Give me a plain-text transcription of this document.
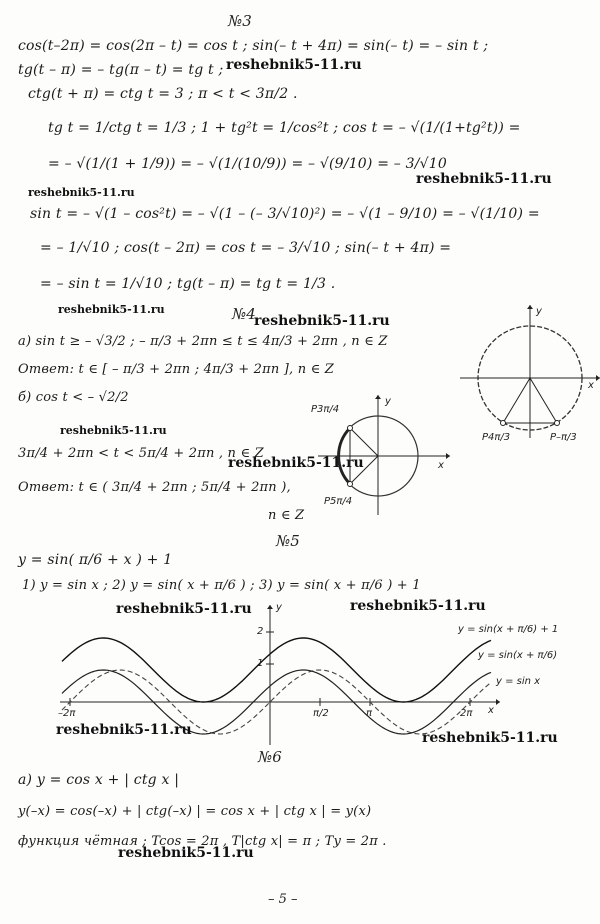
№3
cos(t–2π) = cos(2π – t) = cos t ; sin(– t + 4π) = sin(– t) = – sin t ;
tg(t – π) = – tg(π – t) = tg t ; reshebnik5-11.ru
ctg(t + π) = ctg t = 3 ; π < t < 3π/2 .
tg t = 1/ctg t = 1/3 ; 1 + tg²t = 1/cos²t ; cos t = – √(1/(1+tg²t)) =
= – √(1/(1 + 1/9)) = – √(1/(10/9)) = – √(9/10) = – 3/√10
reshebnik5-11.ru
reshebnik5-11.ru
sin t = – √(1 – cos²t) = – √(1 – (– 3/√10)²) = – √(1 – 9/10) = – √(1/10) =
= – 1/√10 ; cos(t – 2π) = cos t = – 3/√10 ; sin(– t + 4π) =
= – sin t = 1/√10 ; tg(t – π) = tg t = 1/3 .
reshebnik5-11.ru	№4
reshebnik5-11.ru
а) sin t ≥ – √3/2 ; – π/3 + 2πn ≤ t ≤ 4π/3 + 2πn , n ∈ Z
Ответ: t ∈ [ – π/3 + 2πn ; 4π/3 + 2πn ], n ∈ Z
б) cos t < – √2/2
reshebnik5-11.ru
3π/4 + 2πn < t < 5π/4 + 2πn , n ∈ Z
reshebnik5-11.ru
Ответ: t ∈ ( 3π/4 + 2πn ; 5π/4 + 2πn ),
n ∈ Z
y
x
P4π/3	P–π/3
P3π/4
y
x
P5π/4
№5
y = sin( π/6 + x ) + 1
1) y = sin x ; 2) y = sin( x + π/6 ) ; 3) y = sin( x + π/6 ) + 1
reshebnik5-11.ru	reshebnik5-11.ru
y
x
2
1
π/2	π	2π
–2π
y = sin(x + π/6) + 1
y = sin(x + π/6)
y = sin x
reshebnik5-11.ru	reshebnik5-11.ru
№6
а) y = cos x + | ctg x |
y(–x) = cos(–x) + | ctg(–x) | = cos x + | ctg x | = y(x)
функция чётная ; Tcos = 2π , T|ctg x| = π ; Ty = 2π .
reshebnik5-11.ru
– 5 –
